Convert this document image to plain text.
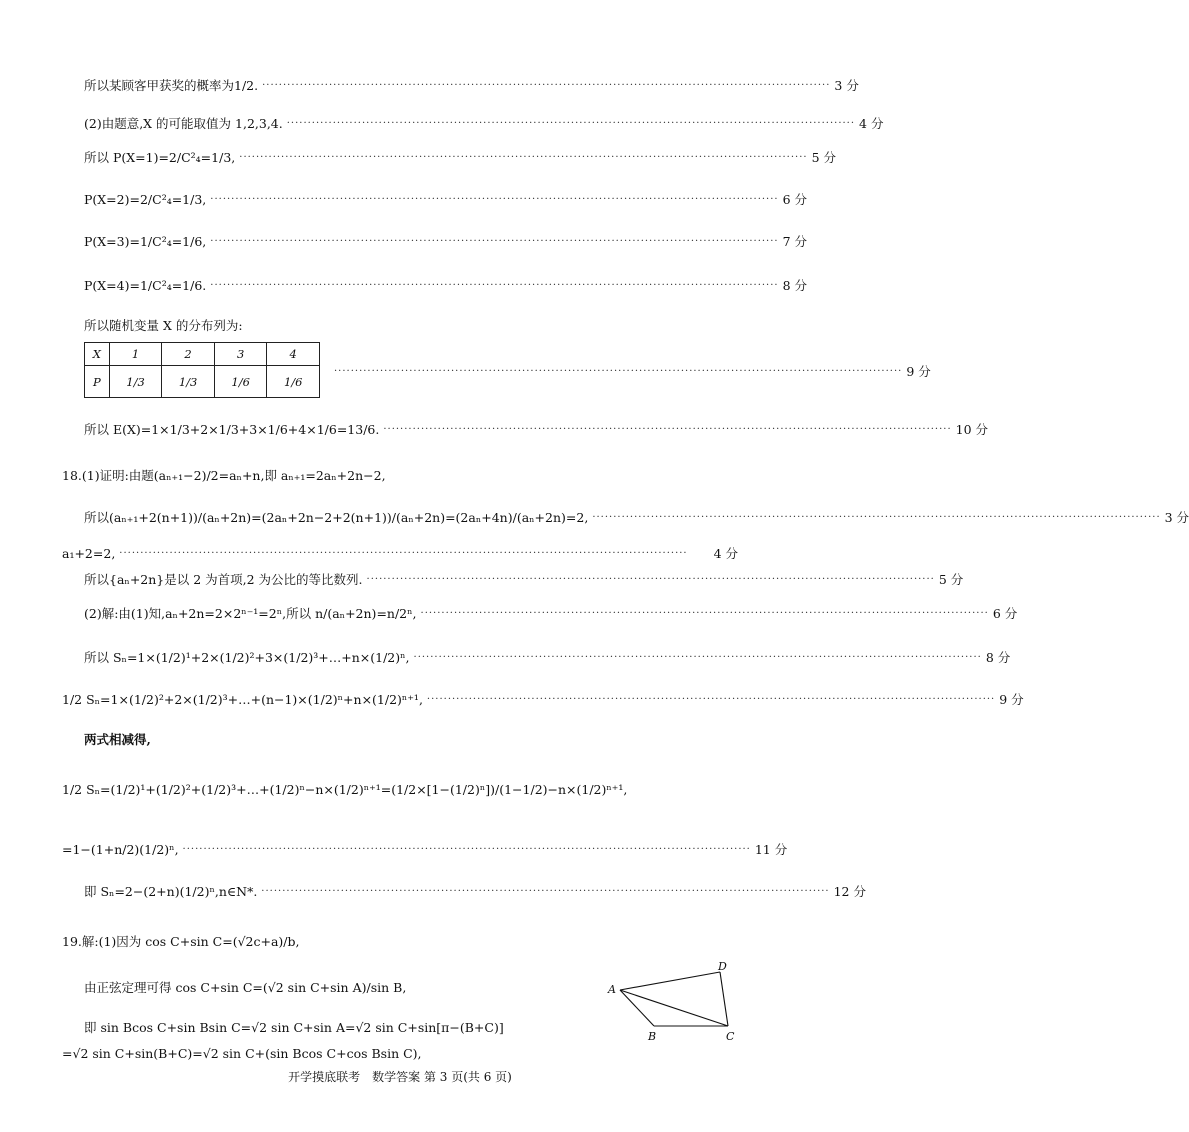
所以某顾客甲获奖的概率为1/2. ········································································································································ 3 分
(2)由题意,X 的可能取值为 1,2,3,4. ········································································································································ 4 分
所以 P(X=1)=2/C²₄=1/3, ········································································································································ 5 分
P(X=2)=2/C²₄=1/3, ········································································································································ 6 分
P(X=3)=1/C²₄=1/6, ········································································································································ 7 分
P(X=4)=1/C²₄=1/6. ········································································································································ 8 分
所以随机变量 X 的分布列为:
X	1	2	3	4
P	1/3	1/3	1/6	1/6
········································································································································ 9 分
所以 E(X)=1×1/3+2×1/3+3×1/6+4×1/6=13/6. ········································································································································ 10 分
18.(1)证明:由题(aₙ₊₁−2)/2=aₙ+n,即 aₙ₊₁=2aₙ+2n−2,
所以(aₙ₊₁+2(n+1))/(aₙ+2n)=(2aₙ+2n−2+2(n+1))/(aₙ+2n)=(2aₙ+4n)/(aₙ+2n)=2, ········································································································································ 3 分
a₁+2=2, ········································································································································	4 分
所以{aₙ+2n}是以 2 为首项,2 为公比的等比数列. ········································································································································ 5 分
(2)解:由(1)知,aₙ+2n=2×2ⁿ⁻¹=2ⁿ,所以 n/(aₙ+2n)=n/2ⁿ, ········································································································································ 6 分
所以 Sₙ=1×(1/2)¹+2×(1/2)²+3×(1/2)³+…+n×(1/2)ⁿ, ········································································································································ 8 分
1/2 Sₙ=1×(1/2)²+2×(1/2)³+…+(n−1)×(1/2)ⁿ+n×(1/2)ⁿ⁺¹, ········································································································································ 9 分
两式相减得,
1/2 Sₙ=(1/2)¹+(1/2)²+(1/2)³+…+(1/2)ⁿ−n×(1/2)ⁿ⁺¹=(1/2×[1−(1/2)ⁿ])/(1−1/2)−n×(1/2)ⁿ⁺¹,
=1−(1+n/2)(1/2)ⁿ, ········································································································································ 11 分
即 Sₙ=2−(2+n)(1/2)ⁿ,n∈N*. ········································································································································ 12 分
19.解:(1)因为 cos C+sin C=(√2c+a)/b,
由正弦定理可得 cos C+sin C=(√2 sin C+sin A)/sin B,
即 sin Bcos C+sin Bsin C=√2 sin C+sin A=√2 sin C+sin[π−(B+C)]
=√2 sin C+sin(B+C)=√2 sin C+(sin Bcos C+cos Bsin C),
A
B	C
D
开学摸底联考　数学答案 第 3 页(共 6 页)
